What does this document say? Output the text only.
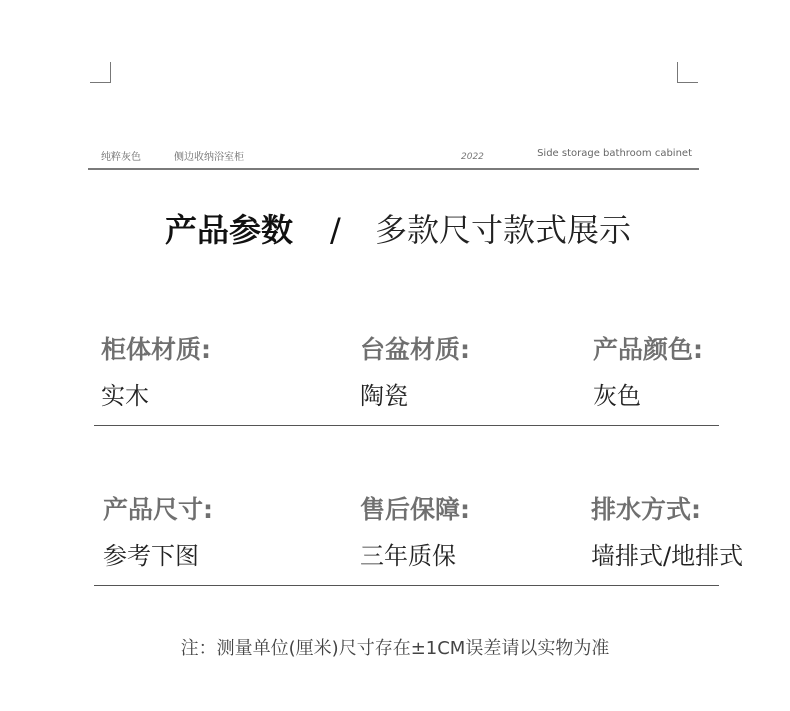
纯粹灰色	侧边收纳浴室柜	2022	Side storage bathroom cabinet
产品参数 / 多款尺寸款式展示
柜体材质:
实木
台盆材质:
陶瓷
产品颜色:
灰色
产品尺寸:
参考下图
售后保障:
三年质保
排水方式:
墙排式/地排式
注：测量单位(厘米)尺寸存在±1CM误差请以实物为准
